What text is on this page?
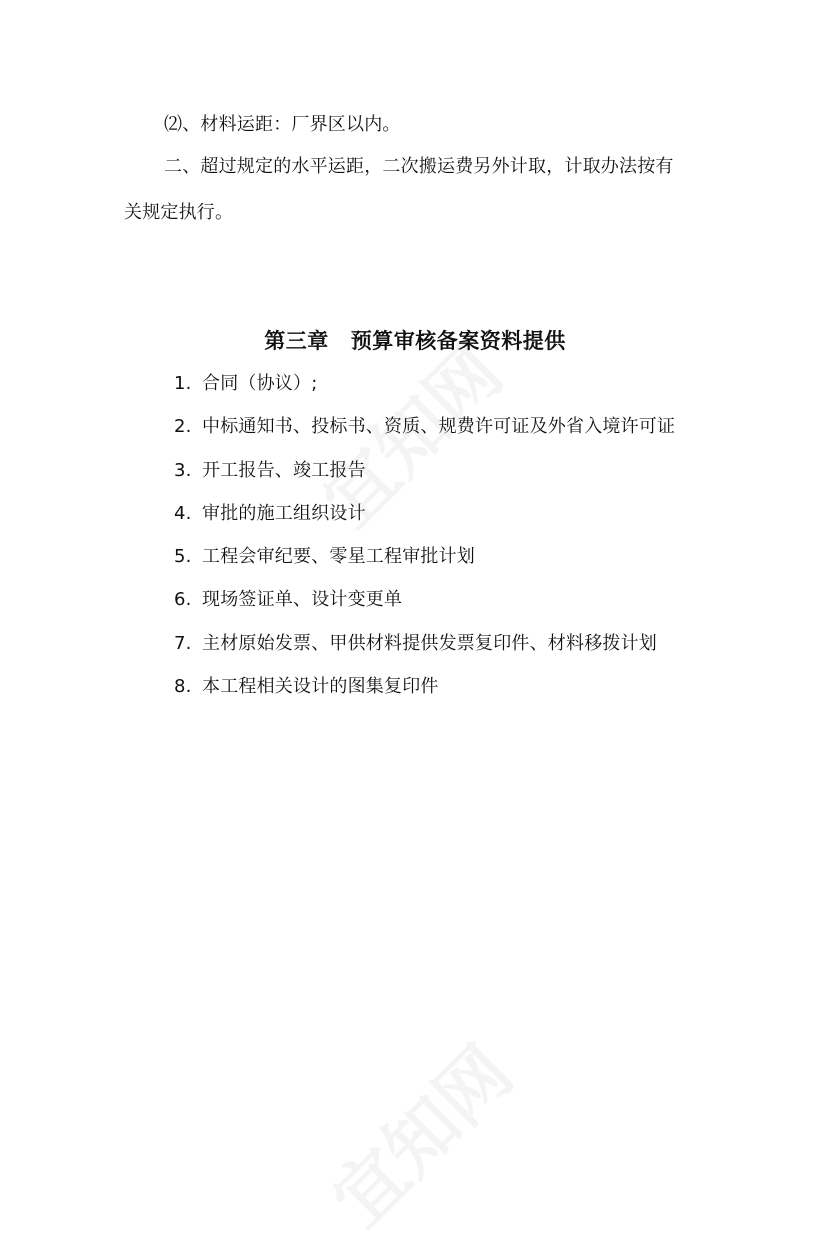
⑵、材料运距：厂界区以内。
二、超过规定的水平运距，二次搬运费另外计取，计取办法按有
关规定执行。
第三章 预算审核备案资料提供
1. 合同（协议）;
2. 中标通知书、投标书、资质、规费许可证及外省入境许可证
3. 开工报告、竣工报告
4. 审批的施工组织设计
5. 工程会审纪要、零星工程审批计划
6. 现场签证单、设计变更单
7. 主材原始发票、甲供材料提供发票复印件、材料移拨计划
8. 本工程相关设计的图集复印件
